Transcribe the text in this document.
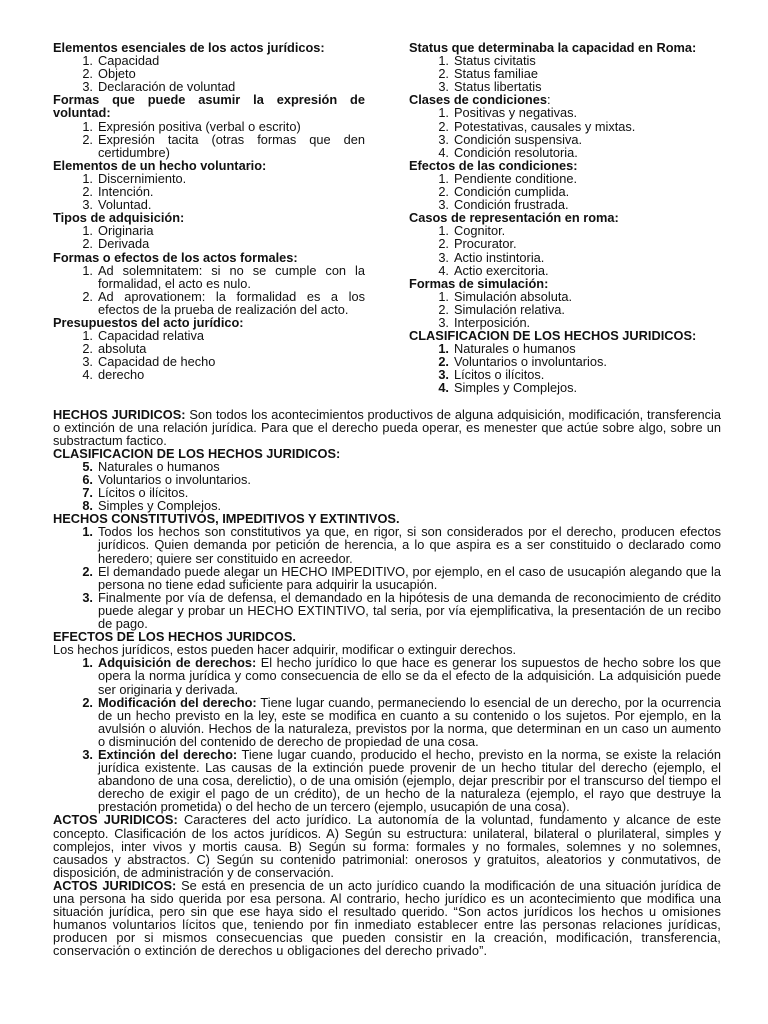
Elementos esenciales de los actos jurídicos:
1. Capacidad
2. Objeto
3. Declaración de voluntad
Formas que puede asumir la expresión de voluntad:
1. Expresión positiva (verbal o escrito)
2. Expresión tacita (otras formas que den certidumbre)
Elementos de un hecho voluntario:
1. Discernimiento.
2. Intención.
3. Voluntad.
Tipos de adquisición:
1. Originaria
2. Derivada
Formas o efectos de los actos formales:
1. Ad solemnitatem: si no se cumple con la formalidad, el acto es nulo.
2. Ad aprovationem: la formalidad es a los efectos de la prueba de realización del acto.
Presupuestos del acto jurídico:
1. Capacidad relativa
2. absoluta
3. Capacidad de hecho
4. derecho
Status que determinaba la capacidad en Roma:
1. Status civitatis
2. Status familiae
3. Status libertatis
Clases de condiciones:
1. Positivas y negativas.
2. Potestativas, causales y mixtas.
3. Condición suspensiva.
4. Condición resolutoria.
Efectos de las condiciones:
1. Pendiente conditione.
2. Condición cumplida.
3. Condición frustrada.
Casos de representación en roma:
1. Cognitor.
2. Procurator.
3. Actio instintoria.
4. Actio exercitoria.
Formas de simulación:
1. Simulación absoluta.
2. Simulación relativa.
3. Interposición.
CLASIFICACION DE LOS HECHOS JURIDICOS:
1. Naturales o humanos
2. Voluntarios o involuntarios.
3. Lícitos o ilícitos.
4. Simples y Complejos.

HECHOS JURIDICOS: Son todos los acontecimientos productivos de alguna adquisición, modificación, transferencia o extinción de una relación jurídica. Para que el derecho pueda operar, es menester que actúe sobre algo, sobre un substractum factico.

CLASIFICACION DE LOS HECHOS JURIDICOS:
5. Naturales o humanos
6. Voluntarios o involuntarios.
7. Lícitos o ilícitos.
8. Simples y Complejos.
HECHOS CONSTITUTIVOS, IMPEDITIVOS Y EXTINTIVOS.
1. Todos los hechos son constitutivos ya que, en rigor, si son considerados por el derecho, producen efectos jurídicos. Quien demanda por petición de herencia, a lo que aspira es a ser constituido o declarado como heredero; quiere ser constituido en acreedor.
2. El demandado puede alegar un HECHO IMPEDITIVO, por ejemplo, en el caso de usucapión alegando que la persona no tiene edad suficiente para adquirir la usucapión.
3. Finalmente por vía de defensa, el demandado en la hipótesis de una demanda de reconocimiento de crédito puede alegar y probar un HECHO EXTINTIVO, tal seria, por vía ejemplificativa, la presentación de un recibo de pago.
EFECTOS DE LOS HECHOS JURIDCOS.
Los hechos jurídicos, estos pueden hacer adquirir, modificar o extinguir derechos.
1. Adquisición de derechos: El hecho jurídico lo que hace es generar los supuestos de hecho sobre los que opera la norma jurídica y como consecuencia de ello se da el efecto de la adquisición. La adquisición puede ser originaria y derivada.
2. Modificación del derecho: Tiene lugar cuando, permaneciendo lo esencial de un derecho, por la ocurrencia de un hecho previsto en la ley, este se modifica en cuanto a su contenido o los sujetos. Por ejemplo, en la avulsión o aluvión. Hechos de la naturaleza, previstos por la norma, que determinan en un caso un aumento o disminución del contenido de derecho de propiedad de una cosa.
3. Extinción del derecho: Tiene lugar cuando, producido el hecho, previsto en la norma, se existe la relación jurídica existente. Las causas de la extinción puede provenir de un hecho titular del derecho (ejemplo, el abandono de una cosa, derelictio), o de una omisión (ejemplo, dejar prescribir por el transcurso del tiempo el derecho de exigir el pago de un crédito), de un hecho de la naturaleza (ejemplo, el rayo que destruye la prestación prometida) o del hecho de un tercero (ejemplo, usucapión de una cosa).

ACTOS JURIDICOS: Caracteres del acto jurídico. La autonomía de la voluntad, fundamento y alcance de este concepto. Clasificación de los actos jurídicos. A) Según su estructura: unilateral, bilateral o plurilateral, simples y complejos, inter vivos y mortis causa. B) Según su forma: formales y no formales, solemnes y no solemnes, causados y abstractos. C) Según su contenido patrimonial: onerosos y gratuitos, aleatorios y conmutativos, de disposición, de administración y de conservación.

ACTOS JURIDICOS: Se está en presencia de un acto jurídico cuando la modificación de una situación jurídica de una persona ha sido querida por esa persona. Al contrario, hecho jurídico es un acontecimiento que modifica una situación jurídica, pero sin que ese haya sido el resultado querido. “Son actos jurídicos los hechos u omisiones humanos voluntarios lícitos que, teniendo por fin inmediato establecer entre las personas relaciones jurídicas, producen por si mismos consecuencias que pueden consistir en la creación, modificación, transferencia, conservación o extinción de derechos u obligaciones del derecho privado”.
